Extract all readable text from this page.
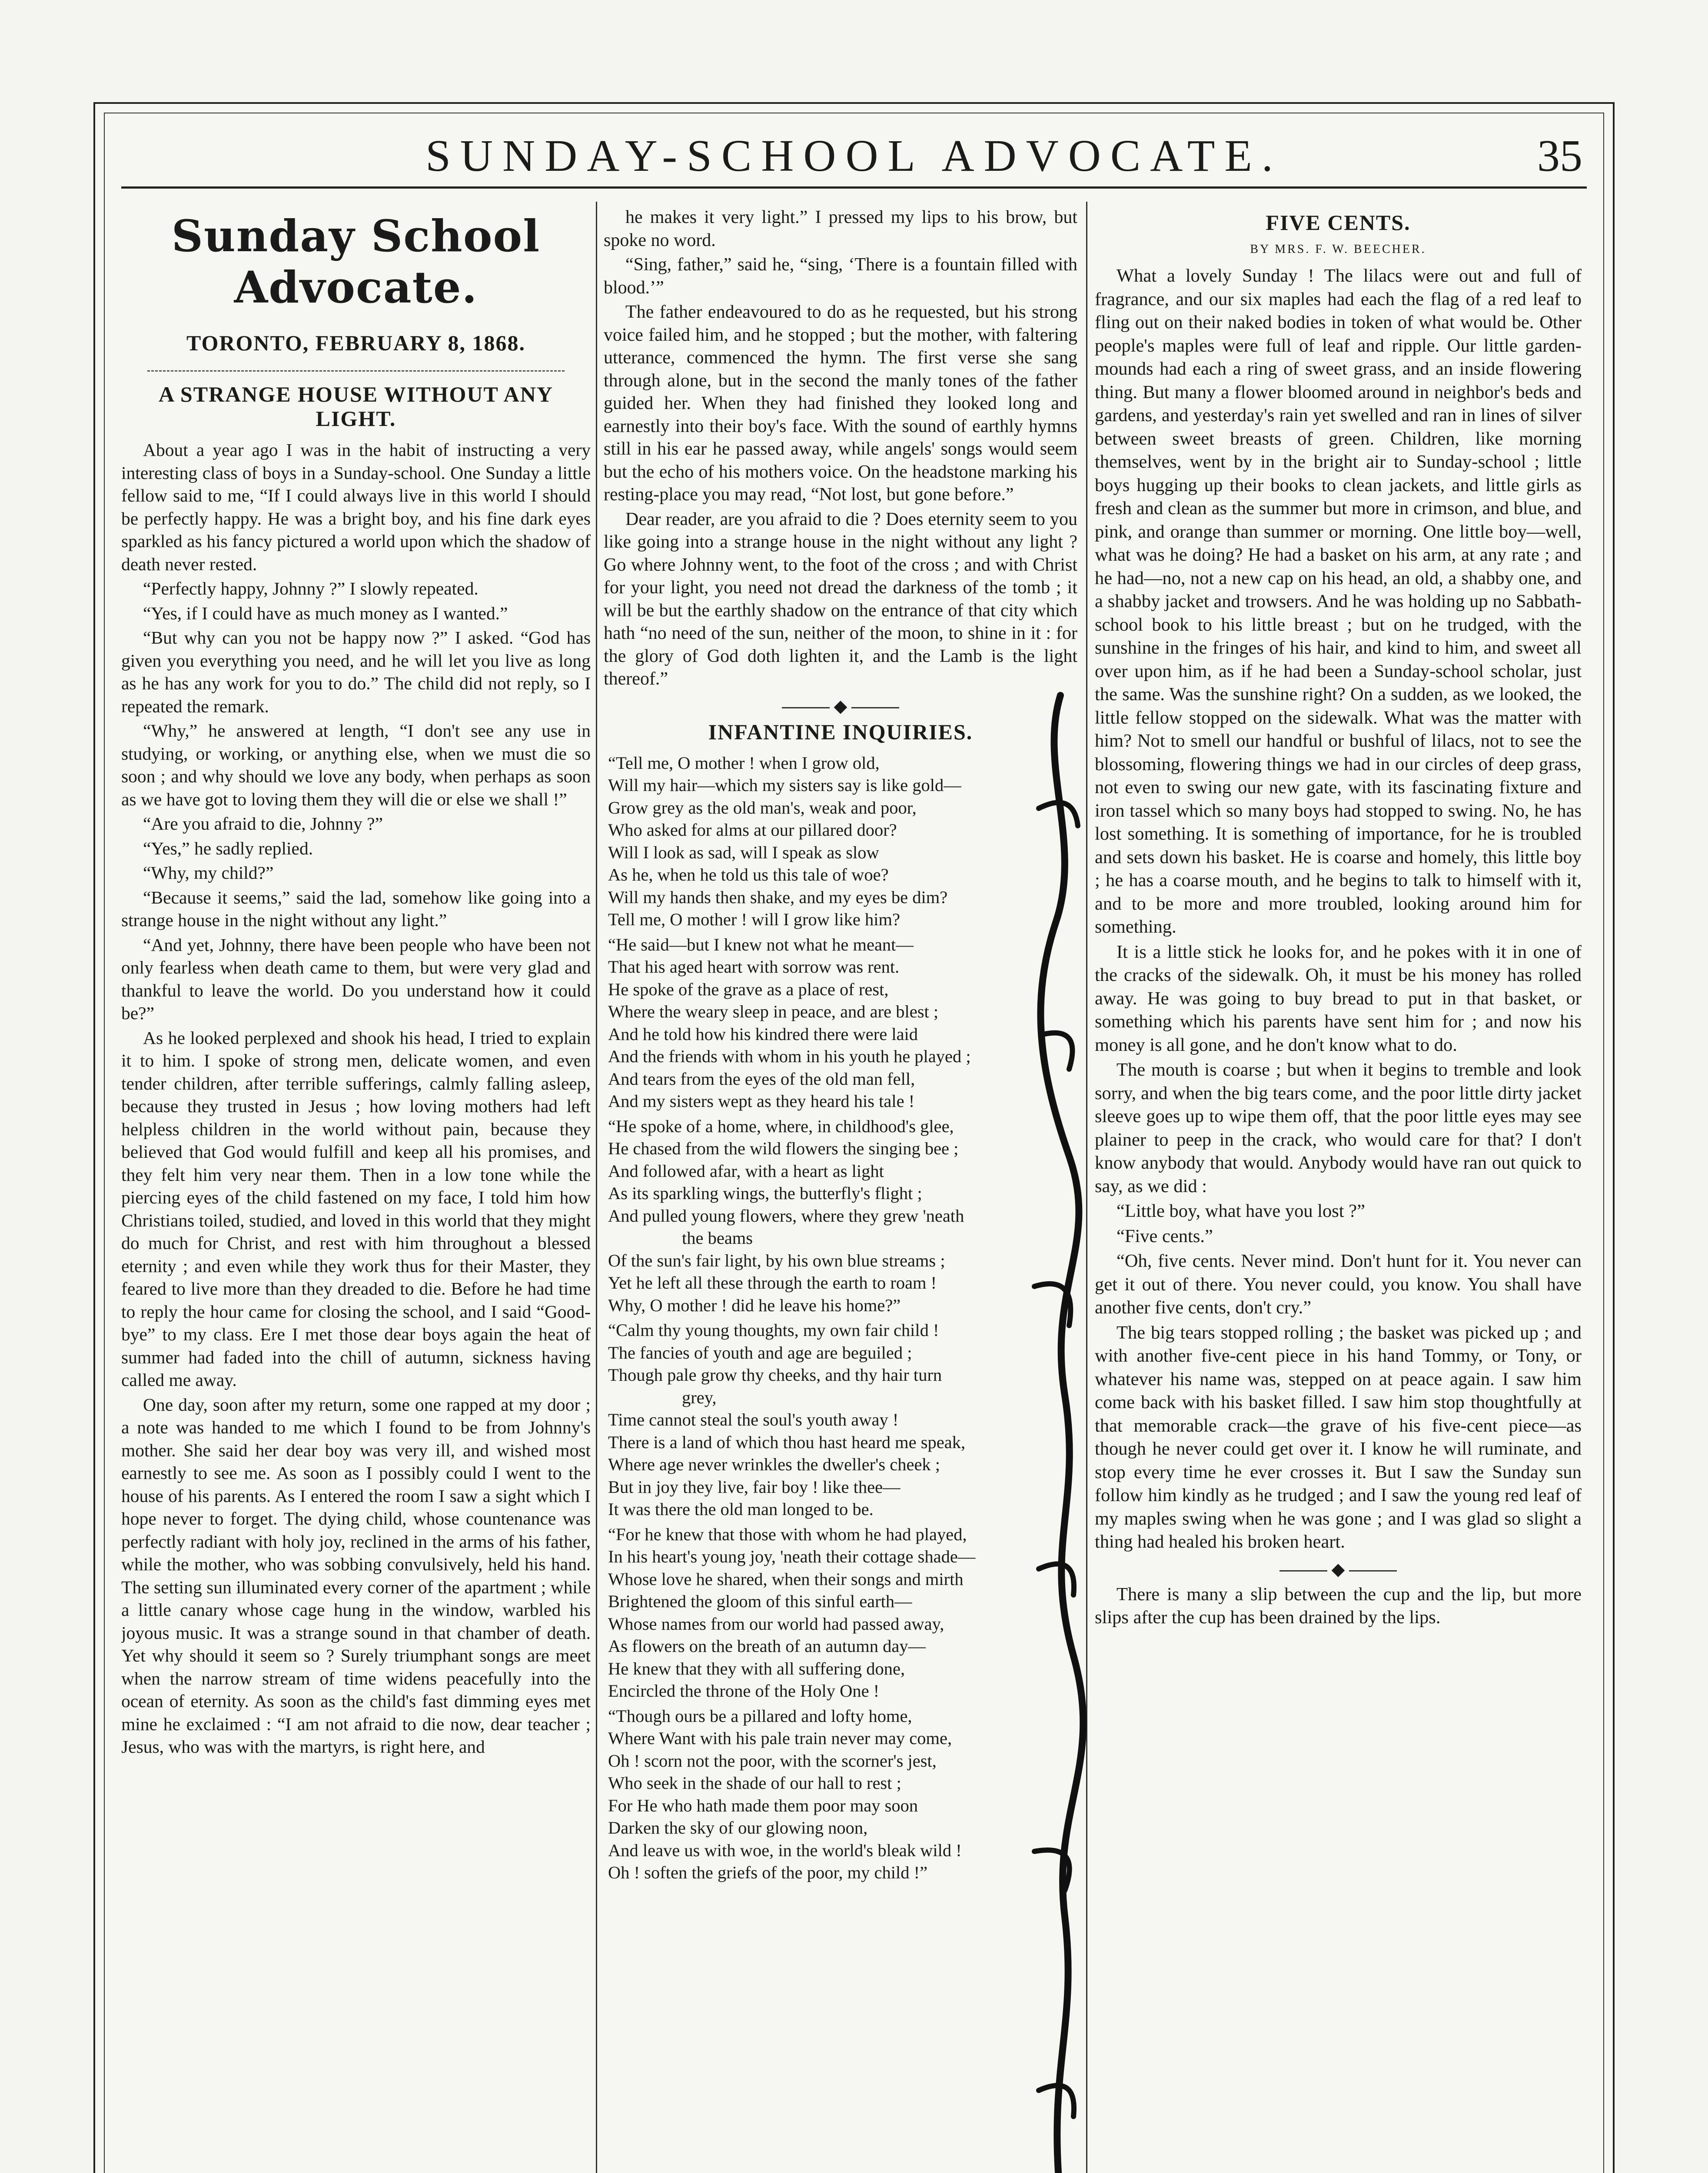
SUNDAY-SCHOOL ADVOCATE.	35
Sunday School Advocate.
TORONTO, FEBRUARY 8, 1868.
A STRANGE HOUSE WITHOUT ANY LIGHT.

About a year ago I was in the habit of instructing a very interesting class of boys in a Sunday-school. One Sunday a little fellow said to me, “If I could always live in this world I should be perfectly happy. He was a bright boy, and his fine dark eyes sparkled as his fancy pictured a world upon which the shadow of death never rested.

“Perfectly happy, Johnny ?” I slowly repeated.

“Yes, if I could have as much money as I wanted.”

“But why can you not be happy now ?” I asked. “God has given you everything you need, and he will let you live as long as he has any work for you to do.” The child did not reply, so I repeated the remark.

“Why,” he answered at length, “I don't see any use in studying, or working, or anything else, when we must die so soon ; and why should we love any body, when perhaps as soon as we have got to loving them they will die or else we shall !”

“Are you afraid to die, Johnny ?”

“Yes,” he sadly replied.

“Why, my child?”

“Because it seems,” said the lad, somehow like going into a strange house in the night without any light.”

“And yet, Johnny, there have been people who have been not only fearless when death came to them, but were very glad and thankful to leave the world. Do you understand how it could be?”

As he looked perplexed and shook his head, I tried to explain it to him. I spoke of strong men, delicate women, and even tender children, after terrible sufferings, calmly falling asleep, because they trusted in Jesus ; how loving mothers had left helpless children in the world without pain, because they believed that God would fulfill and keep all his promises, and they felt him very near them. Then in a low tone while the piercing eyes of the child fastened on my face, I told him how Christians toiled, studied, and loved in this world that they might do much for Christ, and rest with him throughout a blessed eternity ; and even while they work thus for their Master, they feared to live more than they dreaded to die. Before he had time to reply the hour came for closing the school, and I said “Good-bye” to my class. Ere I met those dear boys again the heat of summer had faded into the chill of autumn, sickness having called me away.

One day, soon after my return, some one rapped at my door ; a note was handed to me which I found to be from Johnny's mother. She said her dear boy was very ill, and wished most earnestly to see me. As soon as I possibly could I went to the house of his parents. As I entered the room I saw a sight which I hope never to forget. The dying child, whose countenance was perfectly radiant with holy joy, reclined in the arms of his father, while the mother, who was sobbing convulsively, held his hand. The setting sun illuminated every corner of the apartment ; while a little canary whose cage hung in the window, warbled his joyous music. It was a strange sound in that chamber of death. Yet why should it seem so ? Surely triumphant songs are meet when the narrow stream of time widens peacefully into the ocean of eternity. As soon as the child's fast dimming eyes met mine he exclaimed : “I am not afraid to die now, dear teacher ; Jesus, who was with the martyrs, is right here, and

he makes it very light.” I pressed my lips to his brow, but spoke no word.

“Sing, father,” said he, “sing, ‘There is a fountain filled with blood.’”

The father endeavoured to do as he requested, but his strong voice failed him, and he stopped ; but the mother, with faltering utterance, commenced the hymn. The first verse she sang through alone, but in the second the manly tones of the father guided her. When they had finished they looked long and earnestly into their boy's face. With the sound of earthly hymns still in his ear he passed away, while angels' songs would seem but the echo of his mothers voice. On the headstone marking his resting-place you may read, “Not lost, but gone before.”

Dear reader, are you afraid to die ? Does eternity seem to you like going into a strange house in the night without any light ? Go where Johnny went, to the foot of the cross ; and with Christ for your light, you need not dread the darkness of the tomb ; it will be but the earthly shadow on the entrance of that city which hath “no need of the sun, neither of the moon, to shine in it : for the glory of God doth lighten it, and the Lamb is the light thereof.”

◆
INFANTINE INQUIRIES.
“Tell me, O mother ! when I grow old,
Will my hair—which my sisters say is like gold—
Grow grey as the old man's, weak and poor,
Who asked for alms at our pillared door?
Will I look as sad, will I speak as slow
As he, when he told us this tale of woe?
Will my hands then shake, and my eyes be dim?
Tell me, O mother ! will I grow like him?
“He said—but I knew not what he meant—
That his aged heart with sorrow was rent.
He spoke of the grave as a place of rest,
Where the weary sleep in peace, and are blest ;
And he told how his kindred there were laid
And the friends with whom in his youth he played ;
And tears from the eyes of the old man fell,
And my sisters wept as they heard his tale !
“He spoke of a home, where, in childhood's glee,
He chased from the wild flowers the singing bee ;
And followed afar, with a heart as light
As its sparkling wings, the butterfly's flight ;
And pulled young flowers, where they grew 'neath
the beams
Of the sun's fair light, by his own blue streams ;
Yet he left all these through the earth to roam !
Why, O mother ! did he leave his home?”
“Calm thy young thoughts, my own fair child !
The fancies of youth and age are beguiled ;
Though pale grow thy cheeks, and thy hair turn
grey,
Time cannot steal the soul's youth away !
There is a land of which thou hast heard me speak,
Where age never wrinkles the dweller's cheek ;
But in joy they live, fair boy ! like thee—
It was there the old man longed to be.
“For he knew that those with whom he had played,
In his heart's young joy, 'neath their cottage shade—
Whose love he shared, when their songs and mirth
Brightened the gloom of this sinful earth—
Whose names from our world had passed away,
As flowers on the breath of an autumn day—
He knew that they with all suffering done,
Encircled the throne of the Holy One !
“Though ours be a pillared and lofty home,
Where Want with his pale train never may come,
Oh ! scorn not the poor, with the scorner's jest,
Who seek in the shade of our hall to rest ;
For He who hath made them poor may soon
Darken the sky of our glowing noon,
And leave us with woe, in the world's bleak wild !
Oh ! soften the griefs of the poor, my child !”
FIVE CENTS.
BY MRS. F. W. BEECHER.

What a lovely Sunday ! The lilacs were out and full of fragrance, and our six maples had each the flag of a red leaf to fling out on their naked bodies in token of what would be. Other people's maples were full of leaf and ripple. Our little garden-mounds had each a ring of sweet grass, and an inside flowering thing. But many a flower bloomed around in neighbor's beds and gardens, and yesterday's rain yet swelled and ran in lines of silver between sweet breasts of green. Children, like morning themselves, went by in the bright air to Sunday-school ; little boys hugging up their books to clean jackets, and little girls as fresh and clean as the summer but more in crimson, and blue, and pink, and orange than summer or morning. One little boy—well, what was he doing? He had a basket on his arm, at any rate ; and he had—no, not a new cap on his head, an old, a shabby one, and a shabby jacket and trowsers. And he was holding up no Sabbath-school book to his little breast ; but on he trudged, with the sunshine in the fringes of his hair, and kind to him, and sweet all over upon him, as if he had been a Sunday-school scholar, just the same. Was the sunshine right? On a sudden, as we looked, the little fellow stopped on the sidewalk. What was the matter with him? Not to smell our handful or bushful of lilacs, not to see the blossoming, flowering things we had in our circles of deep grass, not even to swing our new gate, with its fascinating fixture and iron tassel which so many boys had stopped to swing. No, he has lost something. It is something of importance, for he is troubled and sets down his basket. He is coarse and homely, this little boy ; he has a coarse mouth, and he begins to talk to himself with it, and to be more and more troubled, looking around him for something.

It is a little stick he looks for, and he pokes with it in one of the cracks of the sidewalk. Oh, it must be his money has rolled away. He was going to buy bread to put in that basket, or something which his parents have sent him for ; and now his money is all gone, and he don't know what to do.

The mouth is coarse ; but when it begins to tremble and look sorry, and when the big tears come, and the poor little dirty jacket sleeve goes up to wipe them off, that the poor little eyes may see plainer to peep in the crack, who would care for that? I don't know anybody that would. Anybody would have ran out quick to say, as we did :

“Little boy, what have you lost ?”

“Five cents.”

“Oh, five cents. Never mind. Don't hunt for it. You never can get it out of there. You never could, you know. You shall have another five cents, don't cry.”

The big tears stopped rolling ; the basket was picked up ; and with another five-cent piece in his hand Tommy, or Tony, or whatever his name was, stepped on at peace again. I saw him come back with his basket filled. I saw him stop thoughtfully at that memorable crack—the grave of his five-cent piece—as though he never could get over it. I know he will ruminate, and stop every time he ever crosses it. But I saw the Sunday sun follow him kindly as he trudged ; and I saw the young red leaf of my maples swing when he was gone ; and I was glad so slight a thing had healed his broken heart.

◆

There is many a slip between the cup and the lip, but more slips after the cup has been drained by the lips.
